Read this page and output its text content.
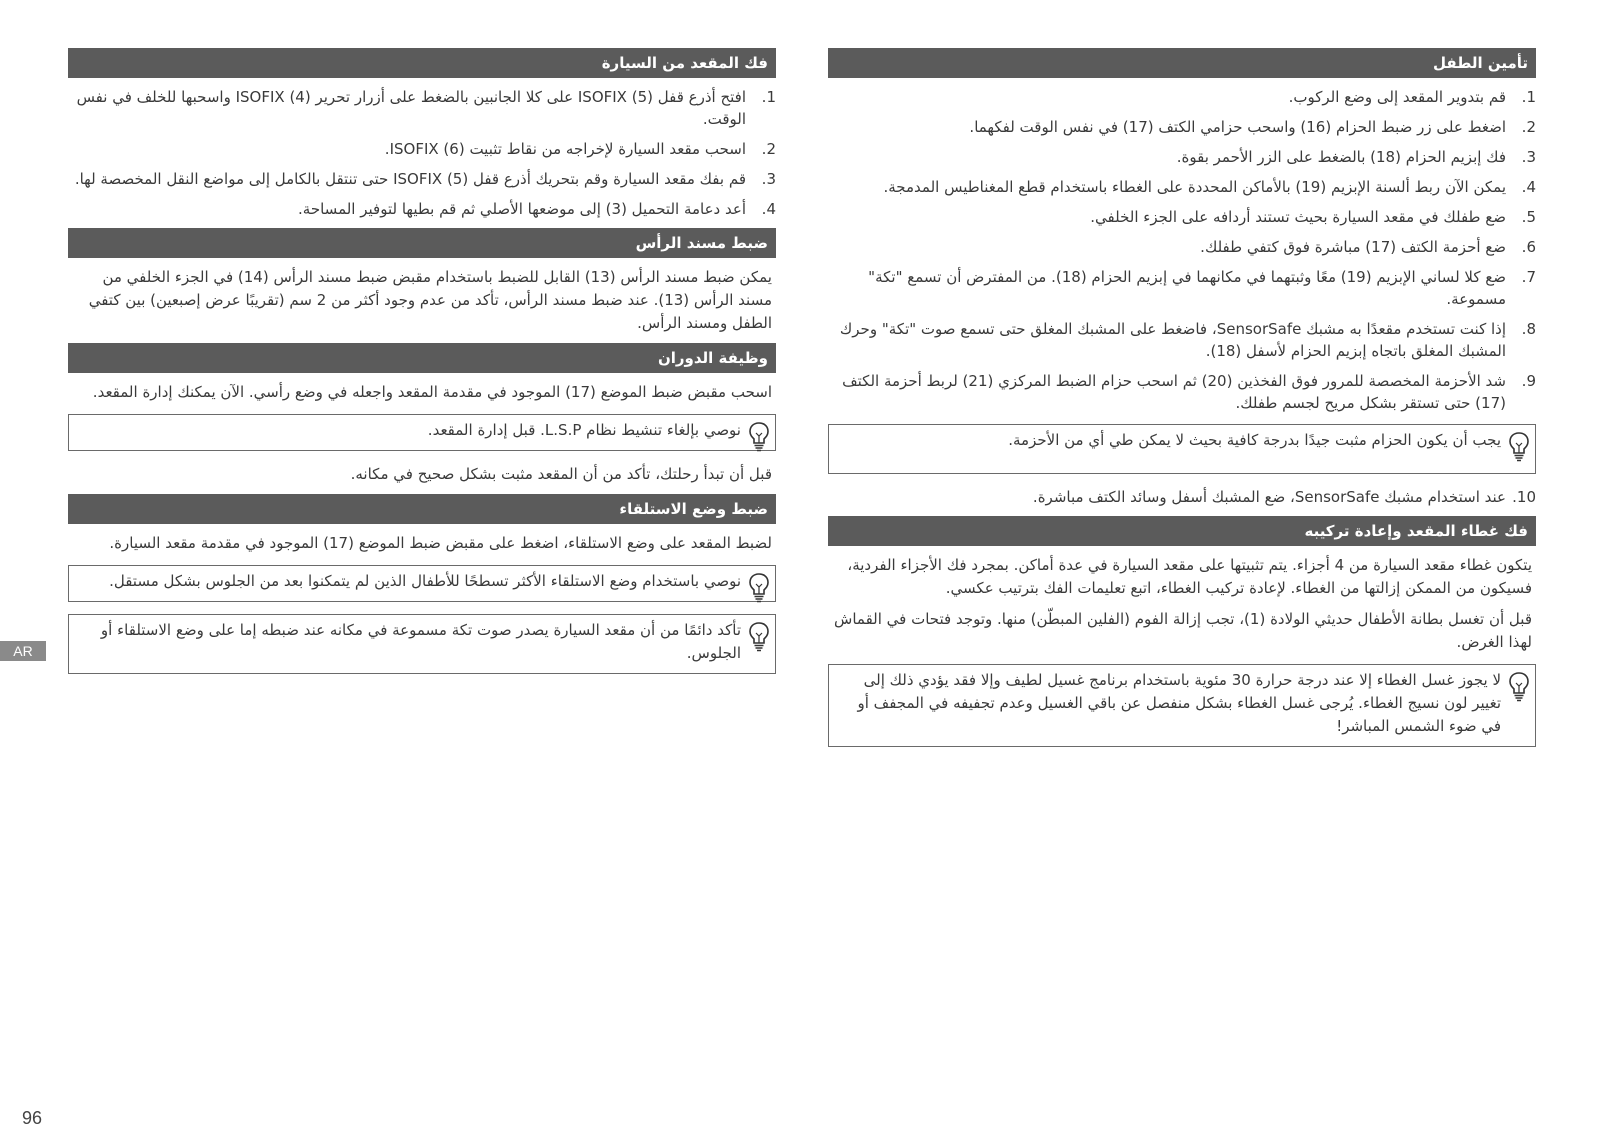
فك المقعد من السيارة
1 .
افتح أذرع قفل ISOFIX (5) على كلا الجانبين بالضغط على أزرار تحرير ISOFIX (4) واسحبها للخلف في نفس الوقت.
2 .
اسحب مقعد السيارة لإخراجه من نقاط تثبيت ISOFIX (6).
3 .
قم بفك مقعد السيارة وقم بتحريك أذرع قفل ISOFIX (5) حتى تنتقل بالكامل إلى مواضع النقل المخصصة لها.
4 .
أعد دعامة التحميل (3) إلى موضعها الأصلي ثم قم بطيها لتوفير المساحة.
ضبط مسند الرأس

يمكن ضبط مسند الرأس (13) القابل للضبط باستخدام مقبض ضبط مسند الرأس (14) في الجزء الخلفي من مسند الرأس (13). عند ضبط مسند الرأس، تأكد من عدم وجود أكثر من 2 سم (تقريبًا عرض إصبعين) بين كتفي الطفل ومسند الرأس.

وظيفة الدوران

اسحب مقبض ضبط الموضع (17) الموجود في مقدمة المقعد واجعله في وضع رأسي. الآن يمكنك إدارة المقعد.

نوصي بإلغاء تنشيط نظام L.S.P. قبل إدارة المقعد.

قبل أن تبدأ رحلتك، تأكد من أن المقعد مثبت بشكل صحيح في مكانه.

ضبط وضع الاستلقاء

لضبط المقعد على وضع الاستلقاء، اضغط على مقبض ضبط الموضع (17) الموجود في مقدمة مقعد السيارة.

نوصي باستخدام وضع الاستلقاء الأكثر تسطحًا للأطفال الذين لم يتمكنوا بعد من الجلوس بشكل مستقل.
تأكد دائمًا من أن مقعد السيارة يصدر صوت تكة مسموعة في مكانه عند ضبطه إما على وضع الاستلقاء أو الجلوس.
تأمين الطفل
1 .
قم بتدوير المقعد إلى وضع الركوب.
2 .
اضغط على زر ضبط الحزام (16) واسحب حزامي الكتف (17) في نفس الوقت لفكهما.
3 .
فك إبزيم الحزام (18) بالضغط على الزر الأحمر بقوة.
4 .
يمكن الآن ربط ألسنة الإبزيم (19) بالأماكن المحددة على الغطاء باستخدام قطع المغناطيس المدمجة.
5 .
ضع طفلك في مقعد السيارة بحيث تستند أردافه على الجزء الخلفي.
6 .
ضع أحزمة الكتف (17) مباشرة فوق كتفي طفلك.
7 .
ضع كلا لساني الإبزيم (19) معًا وثبتهما في مكانهما في إبزيم الحزام (18). من المفترض أن تسمع "تكة" مسموعة.
8 .
إذا كنت تستخدم مقعدًا به مشبك SensorSafe، فاضغط على المشبك المغلق حتى تسمع صوت "تكة" وحرك المشبك المغلق باتجاه إبزيم الحزام لأسفل (18).
9 .
شد الأحزمة المخصصة للمرور فوق الفخذين (20) ثم اسحب حزام الضبط المركزي (21) لربط أحزمة الكتف (17) حتى تستقر بشكل مريح لجسم طفلك.
يجب أن يكون الحزام مثبت جيدًا بدرجة كافية بحيث لا يمكن طي أي من الأحزمة.
10 .
عند استخدام مشبك SensorSafe، ضع المشبك أسفل وسائد الكتف مباشرة.
فك غطاء المقعد وإعادة تركيبه

يتكون غطاء مقعد السيارة من 4 أجزاء. يتم تثبيتها على مقعد السيارة في عدة أماكن. بمجرد فك الأجزاء الفردية، فسيكون من الممكن إزالتها من الغطاء. لإعادة تركيب الغطاء، اتبع تعليمات الفك بترتيب عكسي.

قبل أن تغسل بطانة الأطفال حديثي الولادة (1)، تجب إزالة الفوم (الفلين المبطّن) منها. وتوجد فتحات في القماش لهذا الغرض.

لا يجوز غسل الغطاء إلا عند درجة حرارة 30 مئوية باستخدام برنامج غسيل لطيف وإلا فقد يؤدي ذلك إلى تغيير لون نسيج الغطاء. يُرجى غسل الغطاء بشكل منفصل عن باقي الغسيل وعدم تجفيفه في المجفف أو في ضوء الشمس المباشر!
AR
96
